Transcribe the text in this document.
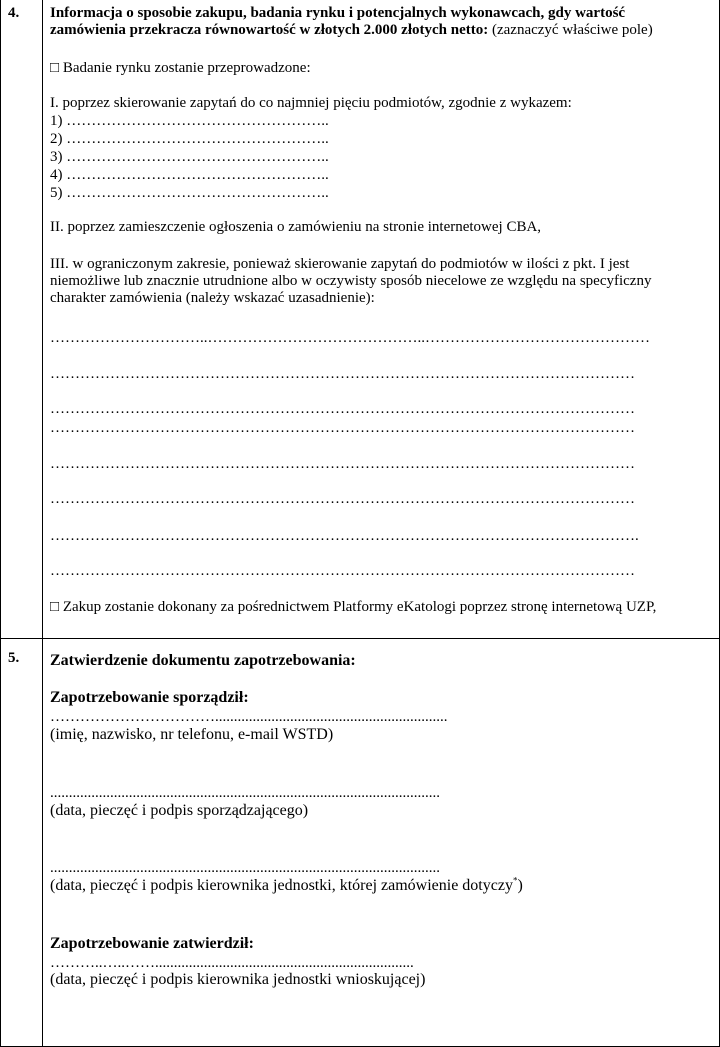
4. Informacja o sposobie zakupu, badania rynku i potencjalnych wykonawcach, gdy wartość
zamówienia przekracza równowartość w złotych 2.000 złotych netto: (zaznaczyć właściwe pole)
□ Badanie rynku zostanie przeprowadzone:
I. poprzez skierowanie zapytań do co najmniej pięciu podmiotów, zgodnie z wykazem:
1) ……………………………………………..
2) ……………………………………………..
3) ……………………………………………..
4) ……………………………………………..
5) ……………………………………………..
II. poprzez zamieszczenie ogłoszenia o zamówieniu na stronie internetowej CBA,
III. w ograniczonym zakresie, ponieważ skierowanie zapytań do podmiotów w ilości z pkt. I jest
niemożliwe lub znacznie utrudnione albo w oczywisty sposób niecelowe ze względu na specyficzny
charakter zamówienia (należy wskazać uzasadnienie):
…………………………..……………………………………..………………………………………
………………………………………………………………………………………………………
………………………………………………………………………………………………………
………………………………………………………………………………………………………
………………………………………………………………………………………………………
………………………………………………………………………………………………………
……………………………………………………………………………………………………….
………………………………………………………………………………………………………
□ Zakup zostanie dokonany za pośrednictwem Platformy eKatologi poprzez stronę internetową UZP,
5. Zatwierdzenie dokumentu zapotrzebowania:
Zapotrzebowanie sporządził:
……………………………..............................................................
(imię, nazwisko, nr telefonu, e-mail WSTD)
........................................................................................................
(data, pieczęć i podpis sporządzającego)
........................................................................................................
(data, pieczęć i podpis kierownika jednostki, której zamówienie dotyczy*)
Zapotrzebowanie zatwierdził:
………..…..…….....................................................................
(data, pieczęć i podpis kierownika jednostki wnioskującej)
